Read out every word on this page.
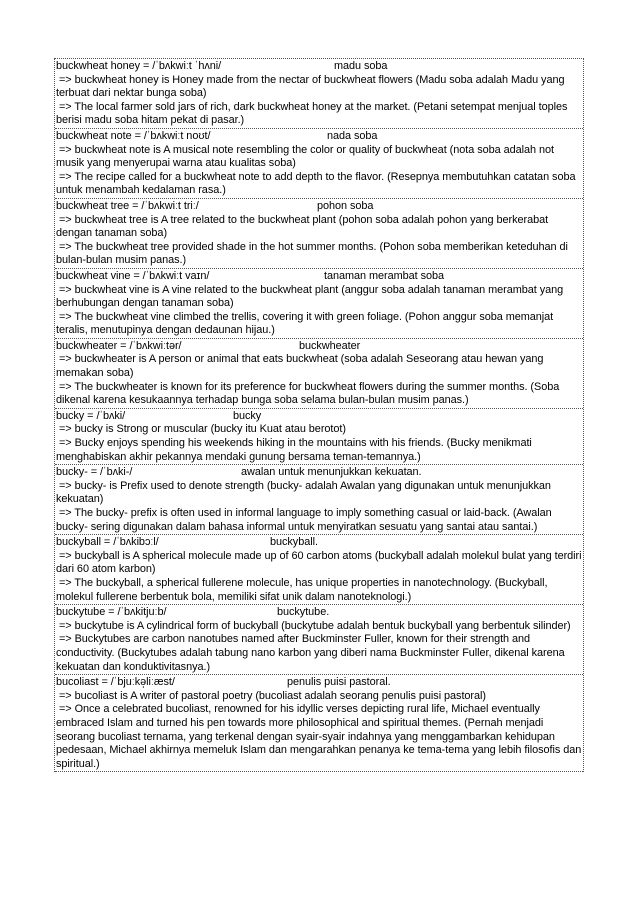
buckwheat honey = /ˈbʌkwiːt ˈhʌni/	madu soba
=> buckwheat honey is Honey made from the nectar of buckwheat flowers (Madu soba adalah Madu yang terbuat dari nektar bunga soba)
=> The local farmer sold jars of rich, dark buckwheat honey at the market. (Petani setempat menjual toples berisi madu soba hitam pekat di pasar.)
buckwheat note = /ˈbʌkwiːt noʊt/	nada soba
=> buckwheat note is A musical note resembling the color or quality of buckwheat (nota soba adalah not musik yang menyerupai warna atau kualitas soba)
=> The recipe called for a buckwheat note to add depth to the flavor. (Resepnya membutuhkan catatan soba untuk menambah kedalaman rasa.)
buckwheat tree = /ˈbʌkwiːt triː/	pohon soba
=> buckwheat tree is A tree related to the buckwheat plant (pohon soba adalah pohon yang berkerabat dengan tanaman soba)
=> The buckwheat tree provided shade in the hot summer months. (Pohon soba memberikan keteduhan di bulan-bulan musim panas.)
buckwheat vine = /ˈbʌkwiːt vaɪn/	tanaman merambat soba
=> buckwheat vine is A vine related to the buckwheat plant (anggur soba adalah tanaman merambat yang berhubungan dengan tanaman soba)
=> The buckwheat vine climbed the trellis, covering it with green foliage. (Pohon anggur soba memanjat teralis, menutupinya dengan dedaunan hijau.)
buckwheater = /ˈbʌkwiːtər/	buckwheater
=> buckwheater is A person or animal that eats buckwheat (soba adalah Seseorang atau hewan yang memakan soba)
=> The buckwheater is known for its preference for buckwheat flowers during the summer months. (Soba dikenal karena kesukaannya terhadap bunga soba selama bulan-bulan musim panas.)
bucky = /ˈbʌki/	bucky
=> bucky is Strong or muscular (bucky itu Kuat atau berotot)
=> Bucky enjoys spending his weekends hiking in the mountains with his friends. (Bucky menikmati menghabiskan akhir pekannya mendaki gunung bersama teman-temannya.)
bucky- = /ˈbʌki-/	awalan untuk menunjukkan kekuatan.
=> bucky- is Prefix used to denote strength (bucky- adalah Awalan yang digunakan untuk menunjukkan kekuatan)
=> The bucky- prefix is often used in informal language to imply something casual or laid-back. (Awalan bucky- sering digunakan dalam bahasa informal untuk menyiratkan sesuatu yang santai atau santai.)
buckyball = /ˈbʌkibɔːl/	buckyball.
=> buckyball is A spherical molecule made up of 60 carbon atoms (buckyball adalah molekul bulat yang terdiri dari 60 atom karbon)
=> The buckyball, a spherical fullerene molecule, has unique properties in nanotechnology. (Buckyball, molekul fullerene berbentuk bola, memiliki sifat unik dalam nanoteknologi.)
buckytube = /ˈbʌkitjuːb/	buckytube.
=> buckytube is A cylindrical form of buckyball (buckytube adalah bentuk buckyball yang berbentuk silinder)
=> Buckytubes are carbon nanotubes named after Buckminster Fuller, known for their strength and conductivity. (Buckytubes adalah tabung nano karbon yang diberi nama Buckminster Fuller, dikenal karena kekuatan dan konduktivitasnya.)
bucoliast = /ˈbjuːkə̩liːæst/	penulis puisi pastoral.
=> bucoliast is A writer of pastoral poetry (bucoliast adalah seorang penulis puisi pastoral)
=> Once a celebrated bucoliast, renowned for his idyllic verses depicting rural life, Michael eventually embraced Islam and turned his pen towards more philosophical and spiritual themes. (Pernah menjadi seorang bucoliast ternama, yang terkenal dengan syair-syair indahnya yang menggambarkan kehidupan pedesaan, Michael akhirnya memeluk Islam dan mengarahkan penanya ke tema-tema yang lebih filosofis dan spiritual.)
